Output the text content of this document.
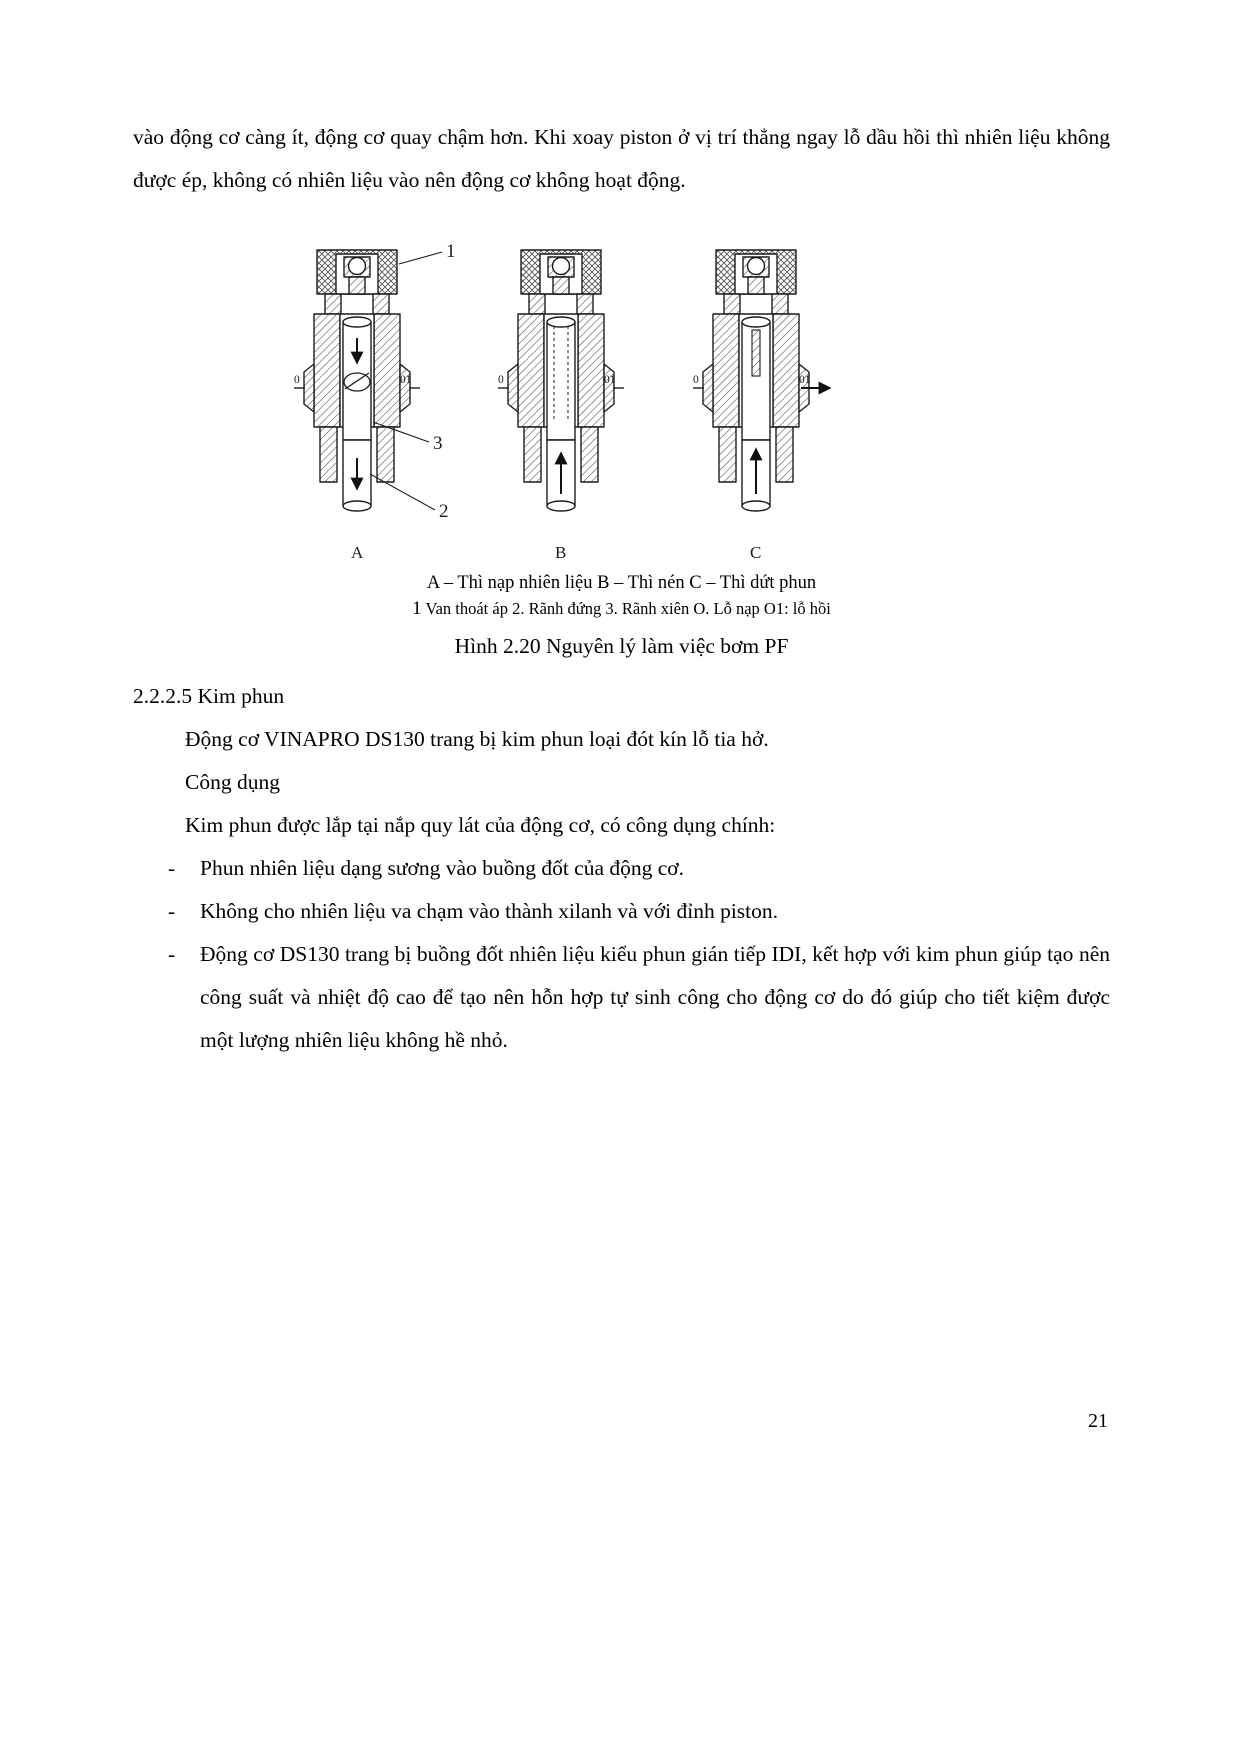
vào động cơ càng ít, động cơ quay chậm hơn. Khi xoay piston ở vị trí thẳng ngay lỗ dầu hồi thì nhiên liệu không được ép, không có nhiên liệu vào nên động cơ không hoạt động.

0	01	0	01	0	01
1
3
2
A	B	C
A – Thì nạp nhiên liệu B – Thì nén C – Thì dứt phun
1 Van thoát áp 2. Rãnh đứng 3. Rãnh xiên O. Lỗ nạp O1: lỗ hồi
Hình 2.20 Nguyên lý làm việc bơm PF

2.2.2.5 Kim phun

Động cơ VINAPRO DS130 trang bị kim phun loại đót kín lỗ tia hở.

Công dụng

Kim phun được lắp tại nắp quy lát của động cơ, có công dụng chính:

-	Phun nhiên liệu dạng sương vào buồng đốt của động cơ.

-	Không cho nhiên liệu va chạm vào thành xilanh và với đỉnh piston.

-	Động cơ DS130 trang bị buồng đốt nhiên liệu kiểu phun gián tiếp IDI, kết hợp với kim phun giúp tạo nên công suất và nhiệt độ cao để tạo nên hỗn hợp tự sinh công cho động cơ do đó giúp cho tiết kiệm được một lượng nhiên liệu không hề nhỏ.

21
